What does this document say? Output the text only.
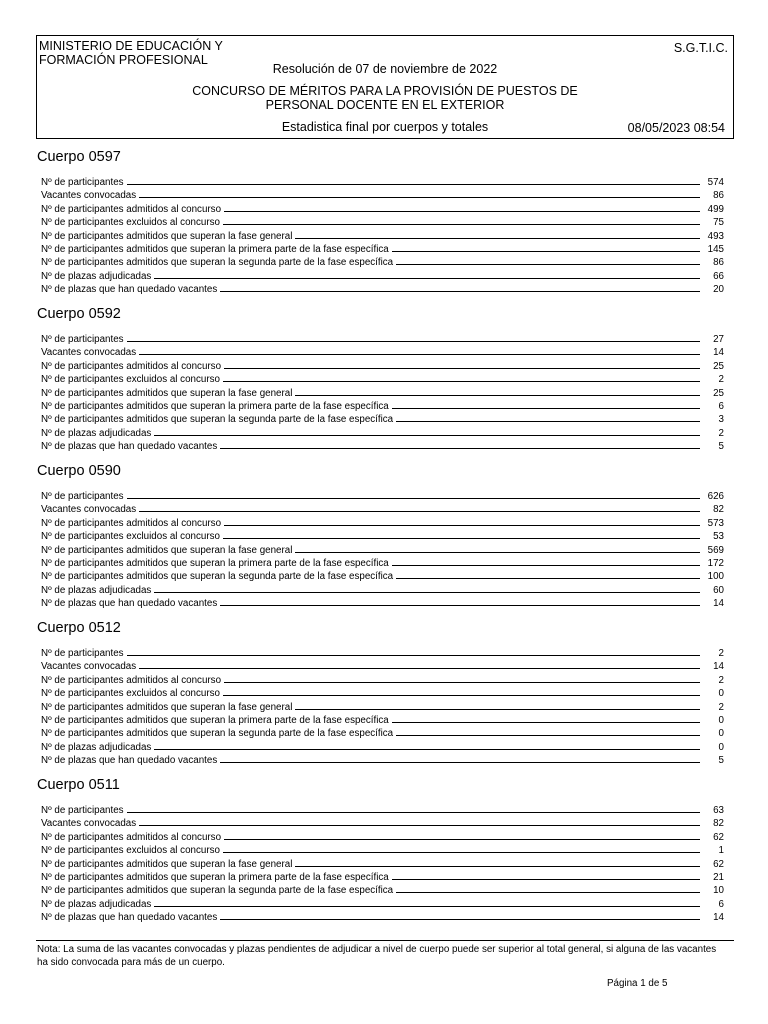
MINISTERIO DE EDUCACIÓN Y
FORMACIÓN PROFESIONAL
S.G.T.I.C.
Resolución de 07 de noviembre de 2022
CONCURSO DE MÉRITOS PARA LA PROVISIÓN DE PUESTOS DE
PERSONAL DOCENTE EN EL EXTERIOR
Estadistica final por cuerpos y totales	08/05/2023 08:54
Cuerpo 0597
Nº de participantes	574
Vacantes convocadas	86
Nº de participantes admitidos al concurso	499
Nº de participantes excluidos al concurso	75
Nº de participantes admitidos que superan la fase general	493
Nº de participantes admitidos que superan la primera parte de la fase específica	145
Nº de participantes admitidos que superan la segunda parte de la fase específica	86
Nº de plazas adjudicadas	66
Nº de plazas que han quedado vacantes	20
Cuerpo 0592
Nº de participantes	27
Vacantes convocadas	14
Nº de participantes admitidos al concurso	25
Nº de participantes excluidos al concurso	2
Nº de participantes admitidos que superan la fase general	25
Nº de participantes admitidos que superan la primera parte de la fase específica	6
Nº de participantes admitidos que superan la segunda parte de la fase específica	3
Nº de plazas adjudicadas	2
Nº de plazas que han quedado vacantes	5
Cuerpo 0590
Nº de participantes	626
Vacantes convocadas	82
Nº de participantes admitidos al concurso	573
Nº de participantes excluidos al concurso	53
Nº de participantes admitidos que superan la fase general	569
Nº de participantes admitidos que superan la primera parte de la fase específica	172
Nº de participantes admitidos que superan la segunda parte de la fase específica	100
Nº de plazas adjudicadas	60
Nº de plazas que han quedado vacantes	14
Cuerpo 0512
Nº de participantes	2
Vacantes convocadas	14
Nº de participantes admitidos al concurso	2
Nº de participantes excluidos al concurso	0
Nº de participantes admitidos que superan la fase general	2
Nº de participantes admitidos que superan la primera parte de la fase específica	0
Nº de participantes admitidos que superan la segunda parte de la fase específica	0
Nº de plazas adjudicadas	0
Nº de plazas que han quedado vacantes	5
Cuerpo 0511
Nº de participantes	63
Vacantes convocadas	82
Nº de participantes admitidos al concurso	62
Nº de participantes excluidos al concurso	1
Nº de participantes admitidos que superan la fase general	62
Nº de participantes admitidos que superan la primera parte de la fase específica	21
Nº de participantes admitidos que superan la segunda parte de la fase específica	10
Nº de plazas adjudicadas	6
Nº de plazas que han quedado vacantes	14
Nota: La suma de las vacantes convocadas y plazas pendientes de adjudicar a nivel de cuerpo puede ser superior al total general, si alguna de las vacantes ha sido convocada para más de un cuerpo.
Página 1 de 5
